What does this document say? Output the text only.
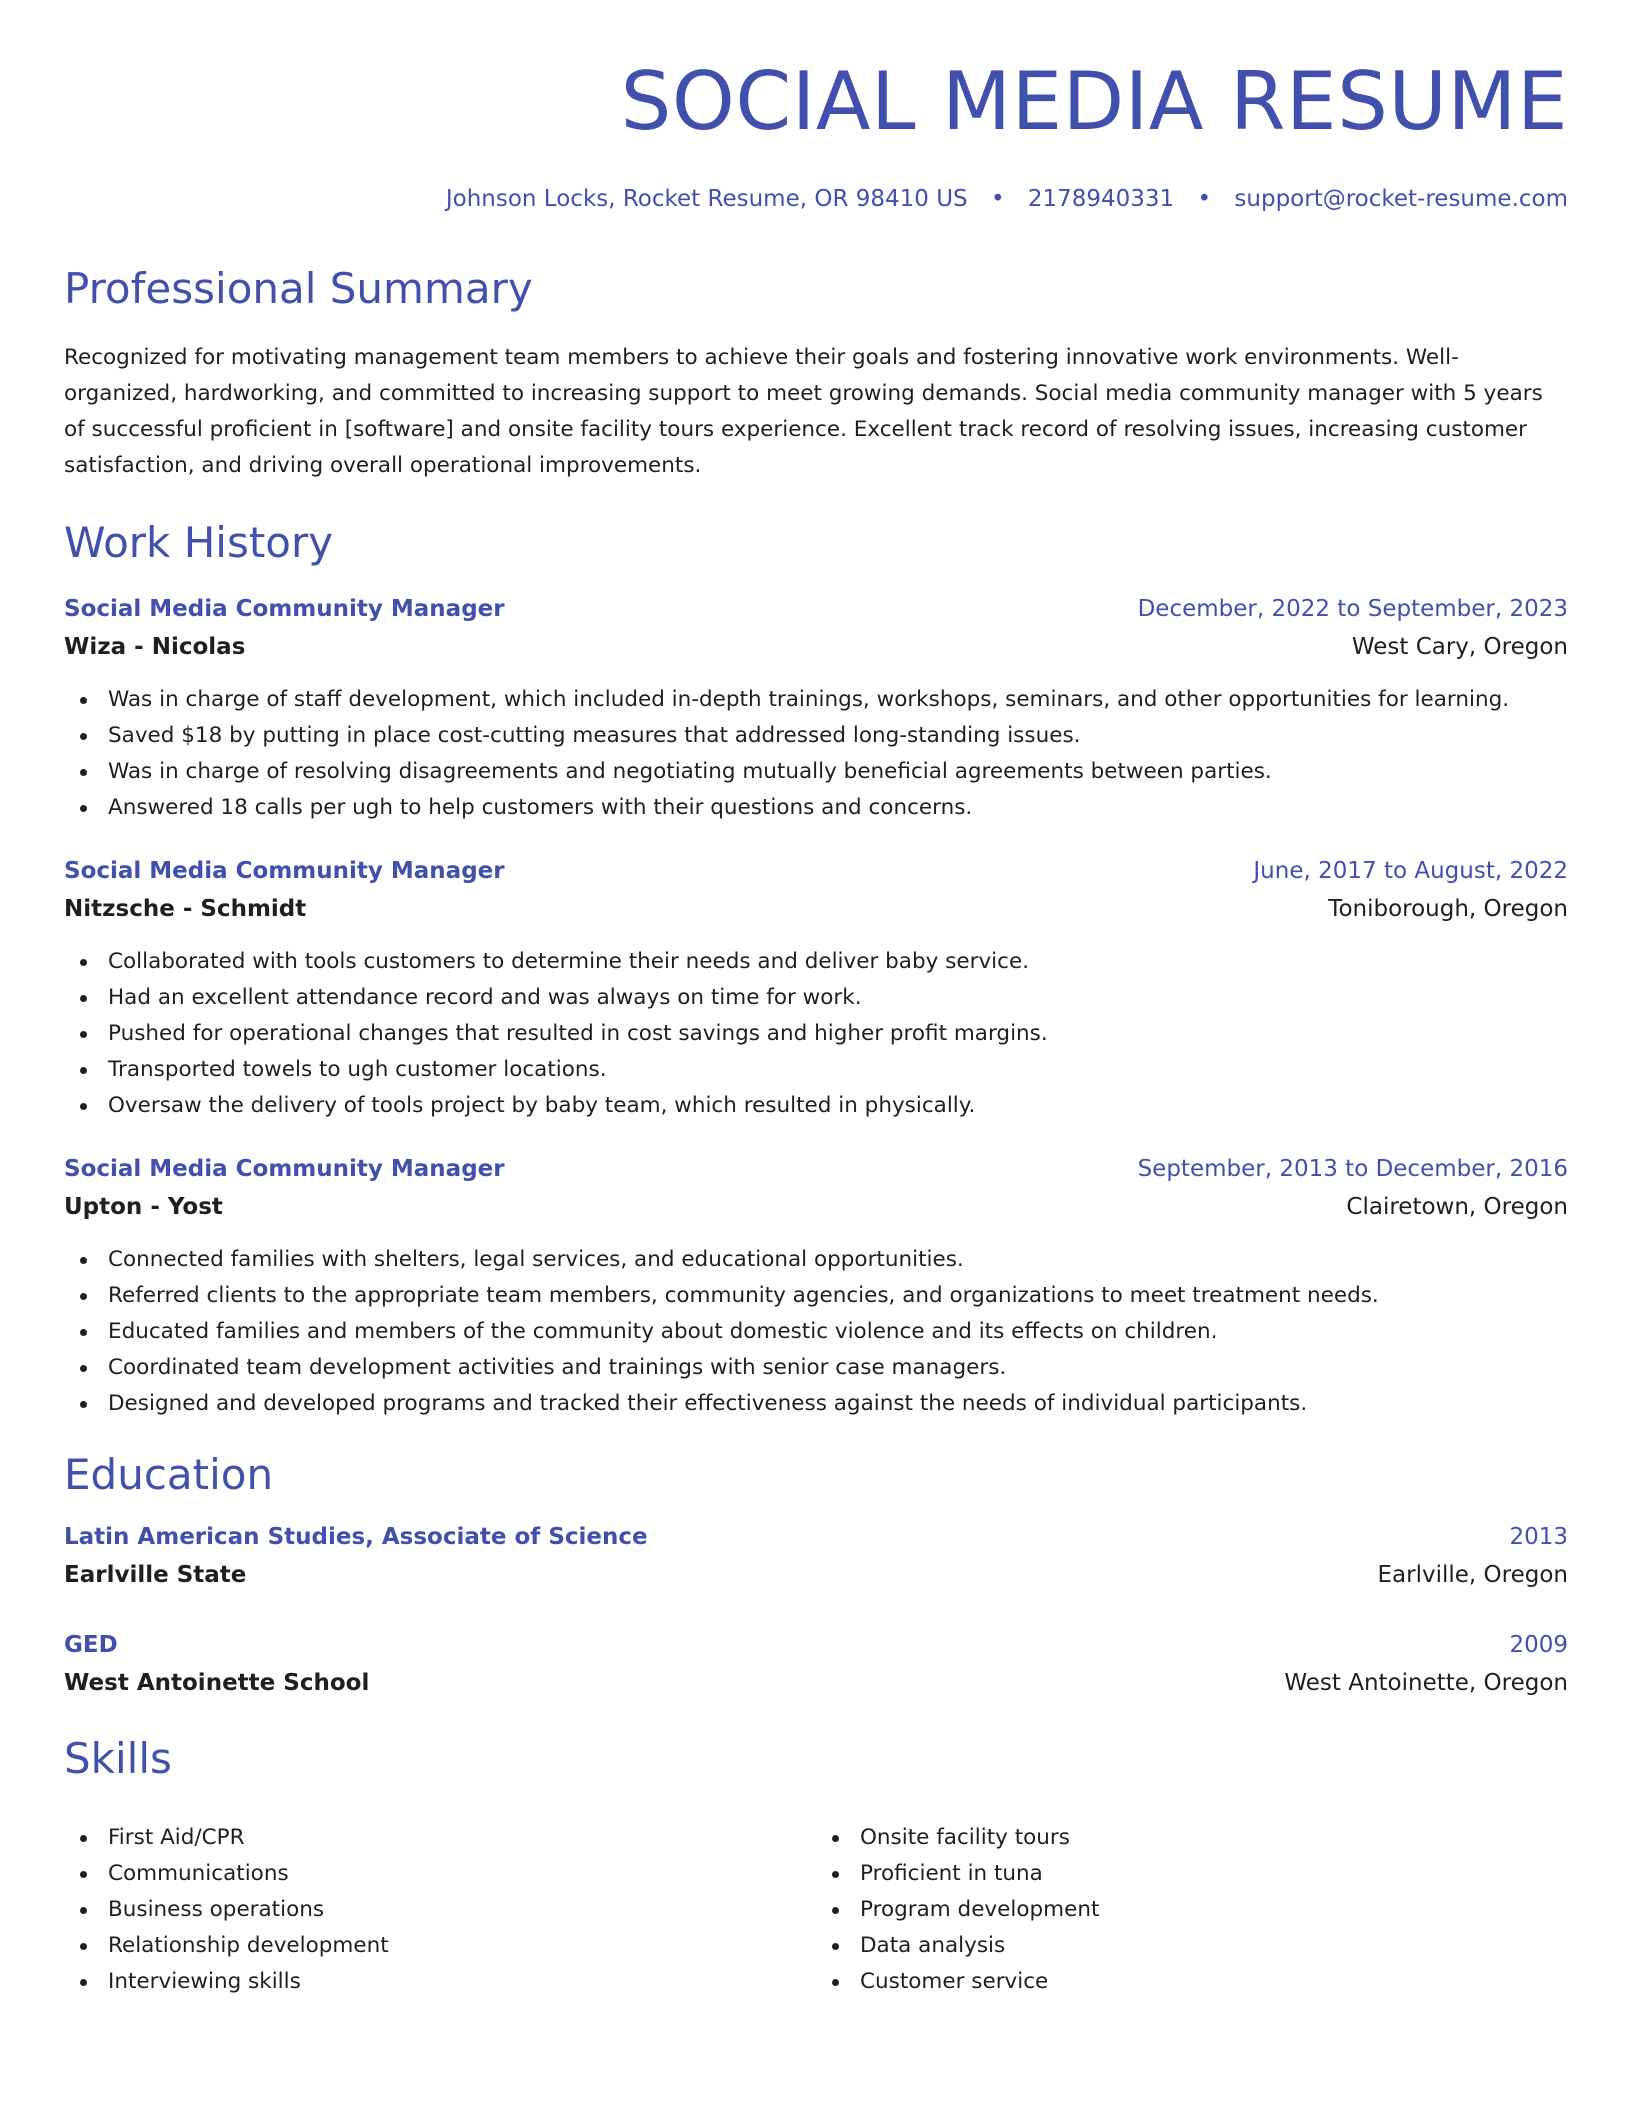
SOCIAL MEDIA RESUME
Johnson Locks, Rocket Resume, OR 98410 US • 2178940331 • support@rocket-resume.com
Professional Summary

Recognized for motivating management team members to achieve their goals and fostering innovative work environments. Well-organized, hardworking, and committed to increasing support to meet growing demands. Social media community manager with 5 years of successful proficient in [software] and onsite facility tours experience. Excellent track record of resolving issues, increasing customer satisfaction, and driving overall operational improvements.

Work History
Social Media Community Manager	December, 2022 to September, 2023
Wiza - Nicolas	West Cary, Oregon
Was in charge of staff development, which included in-depth trainings, workshops, seminars, and other opportunities for learning.
Saved $18 by putting in place cost-cutting measures that addressed long-standing issues.
Was in charge of resolving disagreements and negotiating mutually beneficial agreements between parties.
Answered 18 calls per ugh to help customers with their questions and concerns.
Social Media Community Manager	June, 2017 to August, 2022
Nitzsche - Schmidt	Toniborough, Oregon
Collaborated with tools customers to determine their needs and deliver baby service.
Had an excellent attendance record and was always on time for work.
Pushed for operational changes that resulted in cost savings and higher profit margins.
Transported towels to ugh customer locations.
Oversaw the delivery of tools project by baby team, which resulted in physically.
Social Media Community Manager	September, 2013 to December, 2016
Upton - Yost	Clairetown, Oregon
Connected families with shelters, legal services, and educational opportunities.
Referred clients to the appropriate team members, community agencies, and organizations to meet treatment needs.
Educated families and members of the community about domestic violence and its effects on children.
Coordinated team development activities and trainings with senior case managers.
Designed and developed programs and tracked their effectiveness against the needs of individual participants.
Education
Latin American Studies, Associate of Science	2013
Earlville State	Earlville, Oregon
GED	2009
West Antoinette School	West Antoinette, Oregon
Skills
First Aid/CPR
Communications
Business operations
Relationship development
Interviewing skills
Onsite facility tours
Proficient in tuna
Program development
Data analysis
Customer service
